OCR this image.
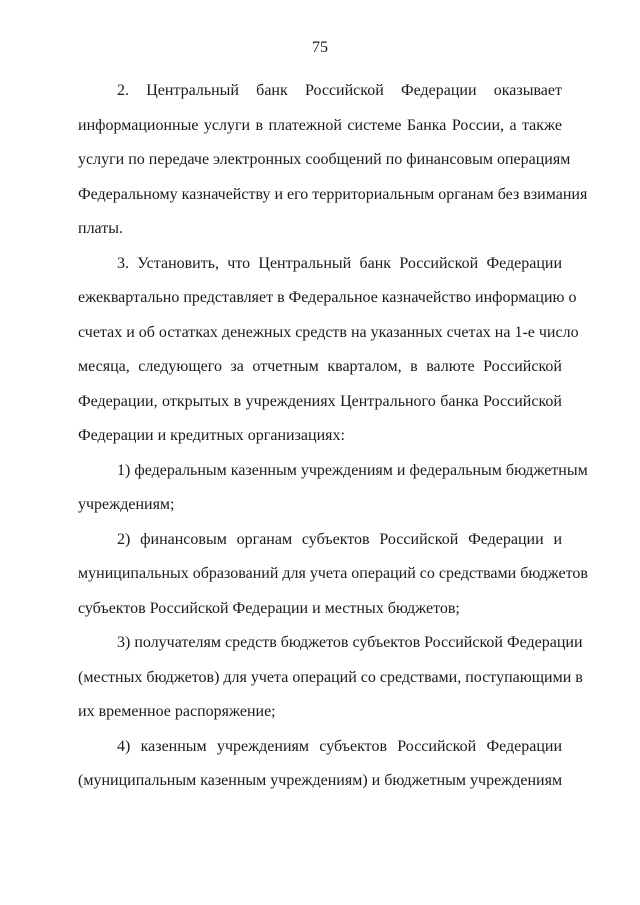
75
2. Центральный банк Российской Федерации оказывает
информационные услуги в платежной системе Банка России, а также
услуги по передаче электронных сообщений по финансовым операциям
Федеральному казначейству и его территориальным органам без взимания
платы.
3. Установить, что Центральный банк Российской Федерации
ежеквартально представляет в Федеральное казначейство информацию о
счетах и об остатках денежных средств на указанных счетах на 1-е число
месяца, следующего за отчетным кварталом, в валюте Российской
Федерации, открытых в учреждениях Центрального банка Российской
Федерации и кредитных организациях:
1) федеральным казенным учреждениям и федеральным бюджетным
учреждениям;
2) финансовым органам субъектов Российской Федерации и
муниципальных образований для учета операций со средствами бюджетов
субъектов Российской Федерации и местных бюджетов;
3) получателям средств бюджетов субъектов Российской Федерации
(местных бюджетов) для учета операций со средствами, поступающими в
их временное распоряжение;
4) казенным учреждениям субъектов Российской Федерации
(муниципальным казенным учреждениям) и бюджетным учреждениям
